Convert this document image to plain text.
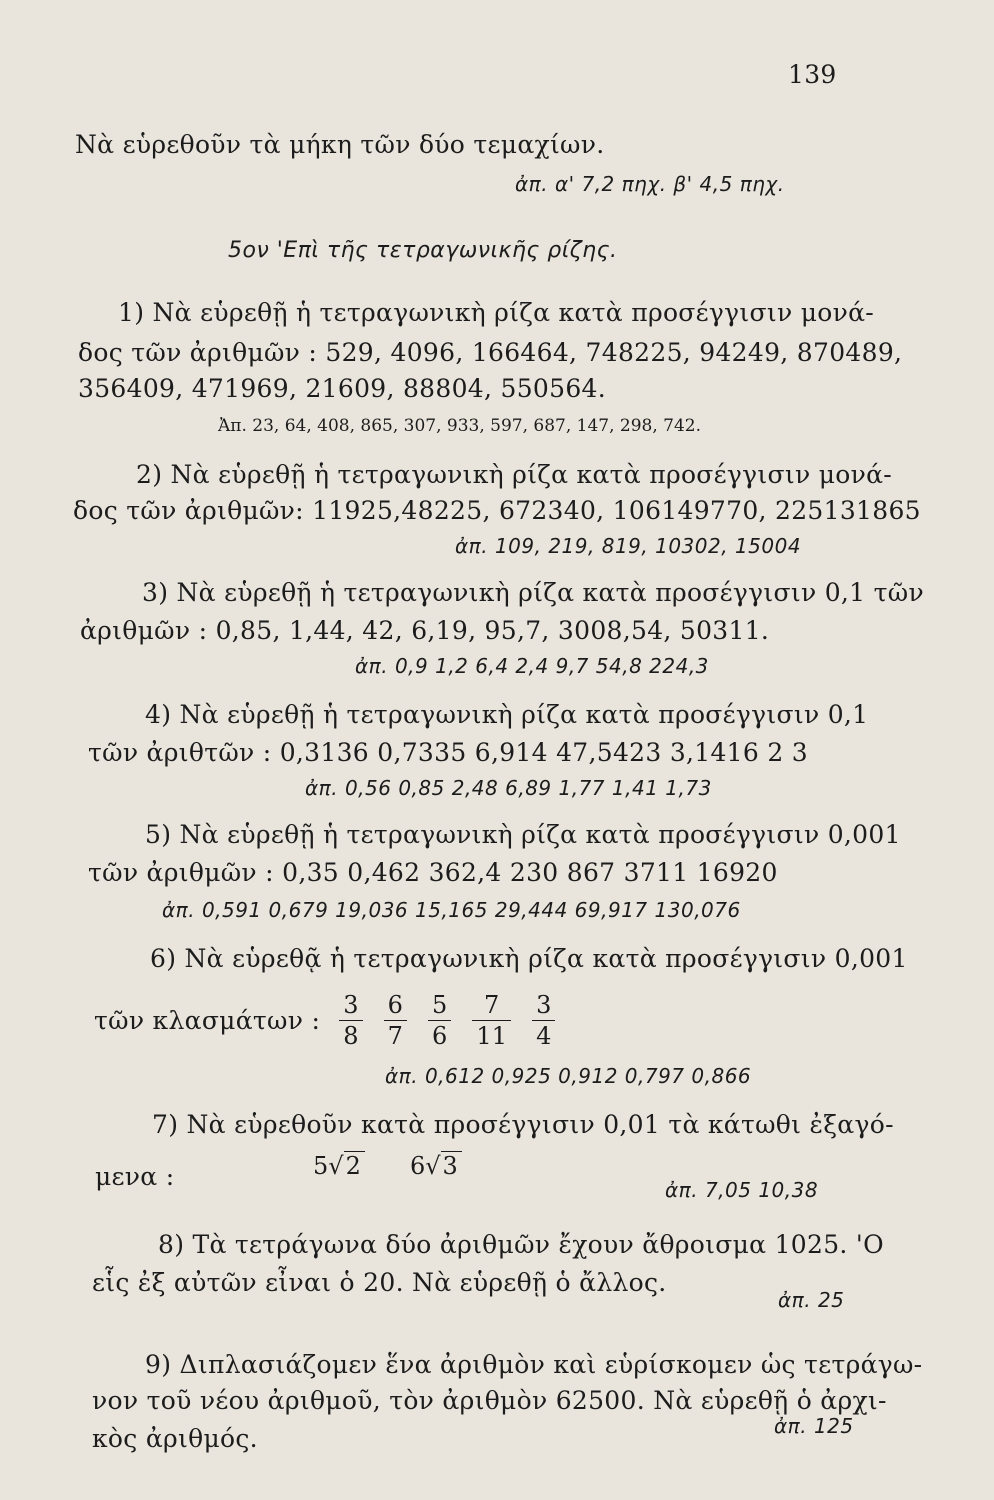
139
Νὰ εὑρεθοῦν τὰ μήκη τῶν δύο τεμαχίων.
ἀπ. α' 7,2 πηχ. β' 4,5 πηχ.
5ον 'Επὶ τῆς τετραγωνικῆς ρίζης.
1) Νὰ εὑρεθῇ ἡ τετραγωνικὴ ρίζα κατὰ προσέγγισιν μονά-
δος τῶν ἀριθμῶν : 529, 4096, 166464, 748225, 94249, 870489,
356409, 471969, 21609, 88804, 550564.
Ἀπ. 23, 64, 408, 865, 307, 933, 597, 687, 147, 298, 742.
2) Νὰ εὑρεθῇ ἡ τετραγωνικὴ ρίζα κατὰ προσέγγισιν μονά-
δος τῶν ἀριθμῶν: 11925,48225, 672340, 106149770, 225131865
ἀπ. 109, 219, 819, 10302, 15004
3) Νὰ εὑρεθῇ ἡ τετραγωνικὴ ρίζα κατὰ προσέγγισιν 0,1 τῶν
ἀριθμῶν : 0,85, 1,44, 42, 6,19, 95,7, 3008,54, 50311.
ἀπ. 0,9 1,2 6,4 2,4 9,7 54,8 224,3
4) Νὰ εὑρεθῇ ἡ τετραγωνικὴ ρίζα κατὰ προσέγγισιν 0,1
τῶν ἀριθτῶν : 0,3136 0,7335 6,914 47,5423 3,1416 2 3
ἀπ. 0,56 0,85 2,48 6,89 1,77 1,41 1,73
5) Νὰ εὑρεθῇ ἡ τετραγωνικὴ ρίζα κατὰ προσέγγισιν 0,001
τῶν ἀριθμῶν : 0,35 0,462 362,4 230 867 3711 16920
ἀπ. 0,591 0,679 19,036 15,165 29,444 69,917 130,076
6) Νὰ εὑρεθᾷ ἡ τετραγωνικὴ ρίζα κατὰ προσέγγισιν 0,001
τῶν κλασμάτων : $\frac{3}{8}$
$\frac{6}{7}$
$\frac{5}{6}$
$\frac{7}{11}$
$\frac{3}{4}$
ἀπ. 0,612 0,925 0,912 0,797 0,866
7) Νὰ εὑρεθοῦν κατὰ προσέγγισιν 0,01 τὰ κάτωθι ἐξαγό-
μενα :	5√2 6√3
ἀπ. 7,05 10,38
8) Τὰ τετράγωνα δύο ἀριθμῶν ἔχουν ἄθροισμα 1025. 'Ο
εἷς ἐξ αὐτῶν εἶναι ὁ 20. Νὰ εὑρεθῇ ὁ ἄλλος.
ἀπ. 25
9) Διπλασιάζομεν ἕνα ἀριθμὸν καὶ εὑρίσκομεν ὡς τετράγω-
νον τοῦ νέου ἀριθμοῦ, τὸν ἀριθμὸν 62500. Νὰ εὑρεθῇ ὁ ἀρχι-
κὸς ἀριθμός.	ἀπ. 125
